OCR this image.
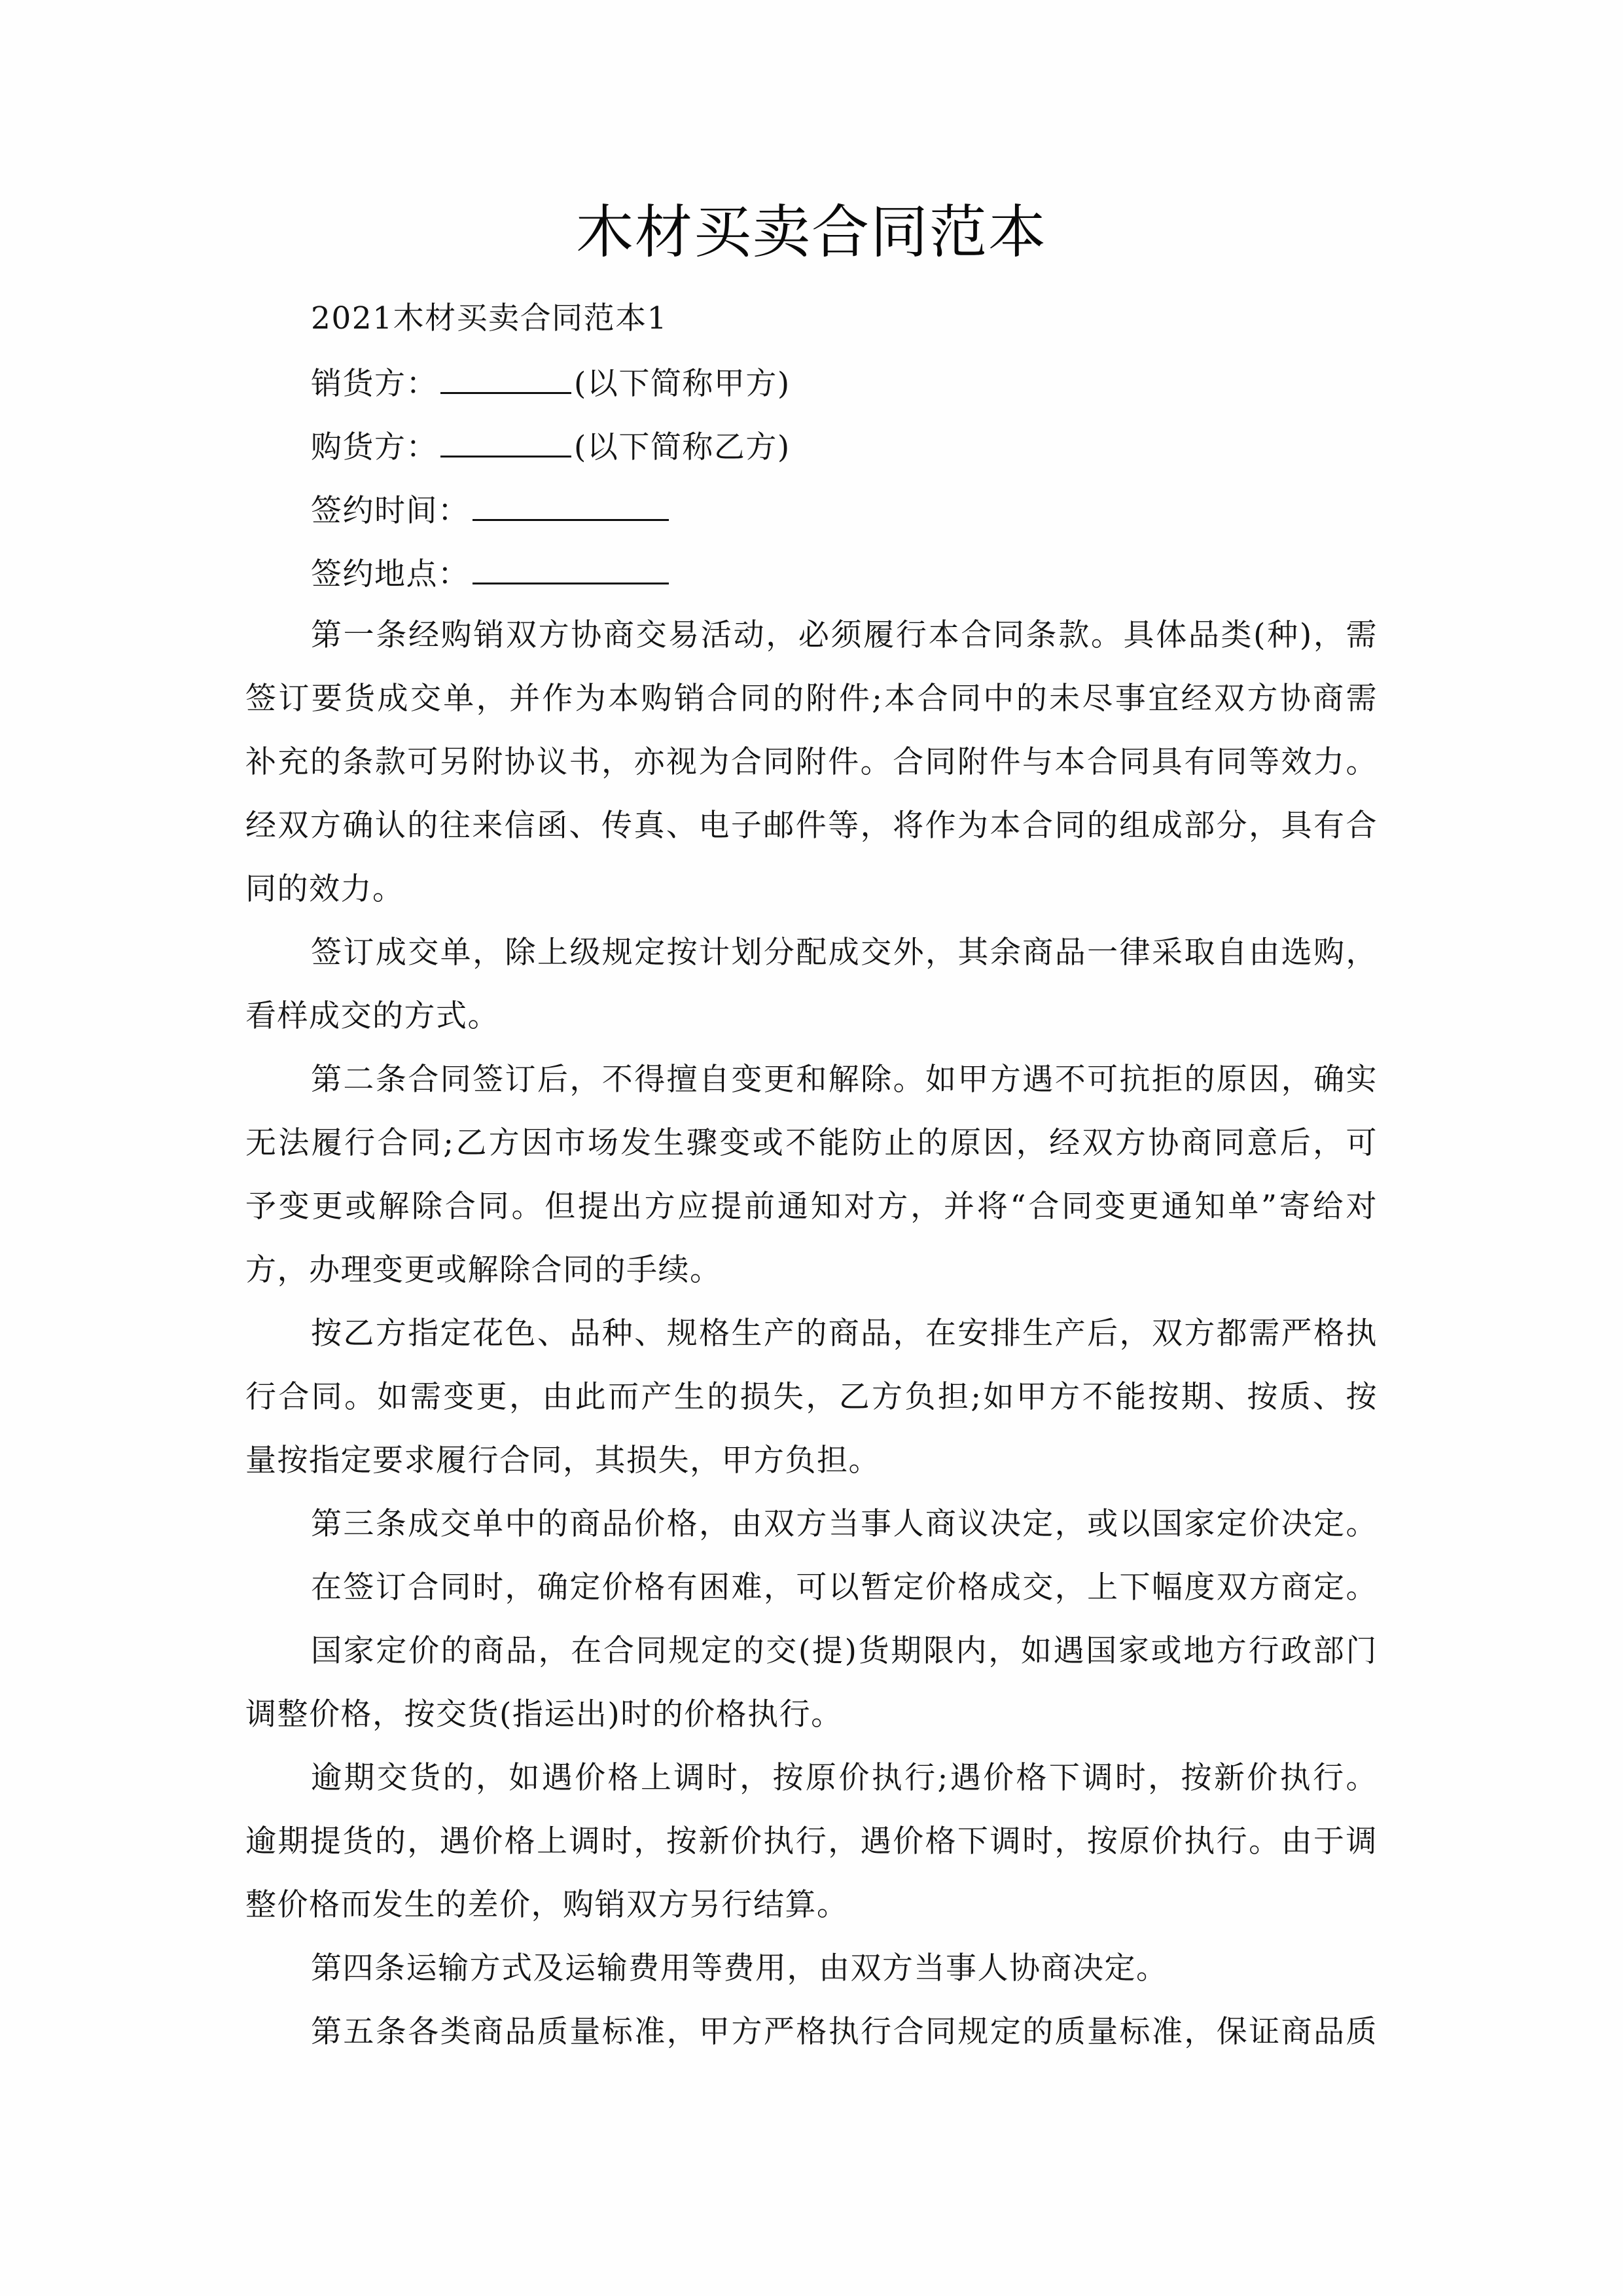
木材买卖合同范本
2021木材买卖合同范本1
销货方：	(以下简称甲方)
购货方：	(以下简称乙方)
签约时间：
签约地点：
第一条经购销双方协商交易活动，必须履行本合同条款。具体品类(种)，需
签订要货成交单，并作为本购销合同的附件;本合同中的未尽事宜经双方协商需
补充的条款可另附协议书，亦视为合同附件。合同附件与本合同具有同等效力。
经双方确认的往来信函、传真、电子邮件等，将作为本合同的组成部分，具有合
同的效力。
签订成交单，除上级规定按计划分配成交外，其余商品一律采取自由选购，
看样成交的方式。
第二条合同签订后，不得擅自变更和解除。如甲方遇不可抗拒的原因，确实
无法履行合同;乙方因市场发生骤变或不能防止的原因，经双方协商同意后，可
予变更或解除合同。但提出方应提前通知对方，并将“合同变更通知单”寄给对
方，办理变更或解除合同的手续。
按乙方指定花色、品种、规格生产的商品，在安排生产后，双方都需严格执
行合同。如需变更，由此而产生的损失，乙方负担;如甲方不能按期、按质、按
量按指定要求履行合同，其损失，甲方负担。
第三条成交单中的商品价格，由双方当事人商议决定，或以国家定价决定。
在签订合同时，确定价格有困难，可以暂定价格成交，上下幅度双方商定。
国家定价的商品，在合同规定的交(提)货期限内，如遇国家或地方行政部门
调整价格，按交货(指运出)时的价格执行。
逾期交货的，如遇价格上调时，按原价执行;遇价格下调时，按新价执行。
逾期提货的，遇价格上调时，按新价执行，遇价格下调时，按原价执行。由于调
整价格而发生的差价，购销双方另行结算。
第四条运输方式及运输费用等费用，由双方当事人协商决定。
第五条各类商品质量标准，甲方严格执行合同规定的质量标准，保证商品质
